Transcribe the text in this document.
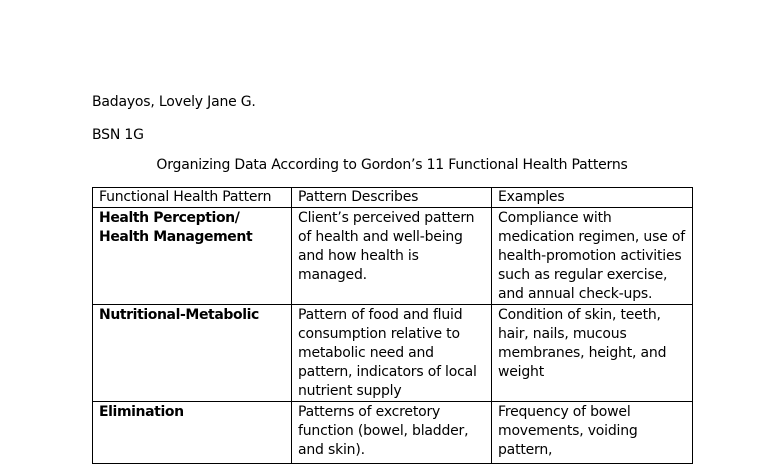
Badayos, Lovely Jane G.
BSN 1G
Organizing Data According to Gordon’s 11 Functional Health Patterns
Functional Health Pattern	Pattern Describes	Examples
Health Perception/ Health Management	Client’s perceived pattern of health and well-being and how health is managed.	Compliance with medication regimen, use of health-promotion activities such as regular exercise, and annual check-ups.
Nutritional-Metabolic	Pattern of food and fluid consumption relative to metabolic need and pattern, indicators of local nutrient supply	Condition of skin, teeth, hair, nails, mucous membranes, height, and weight
Elimination	Patterns of excretory function (bowel, bladder, and skin).	Frequency of bowel movements, voiding pattern,
